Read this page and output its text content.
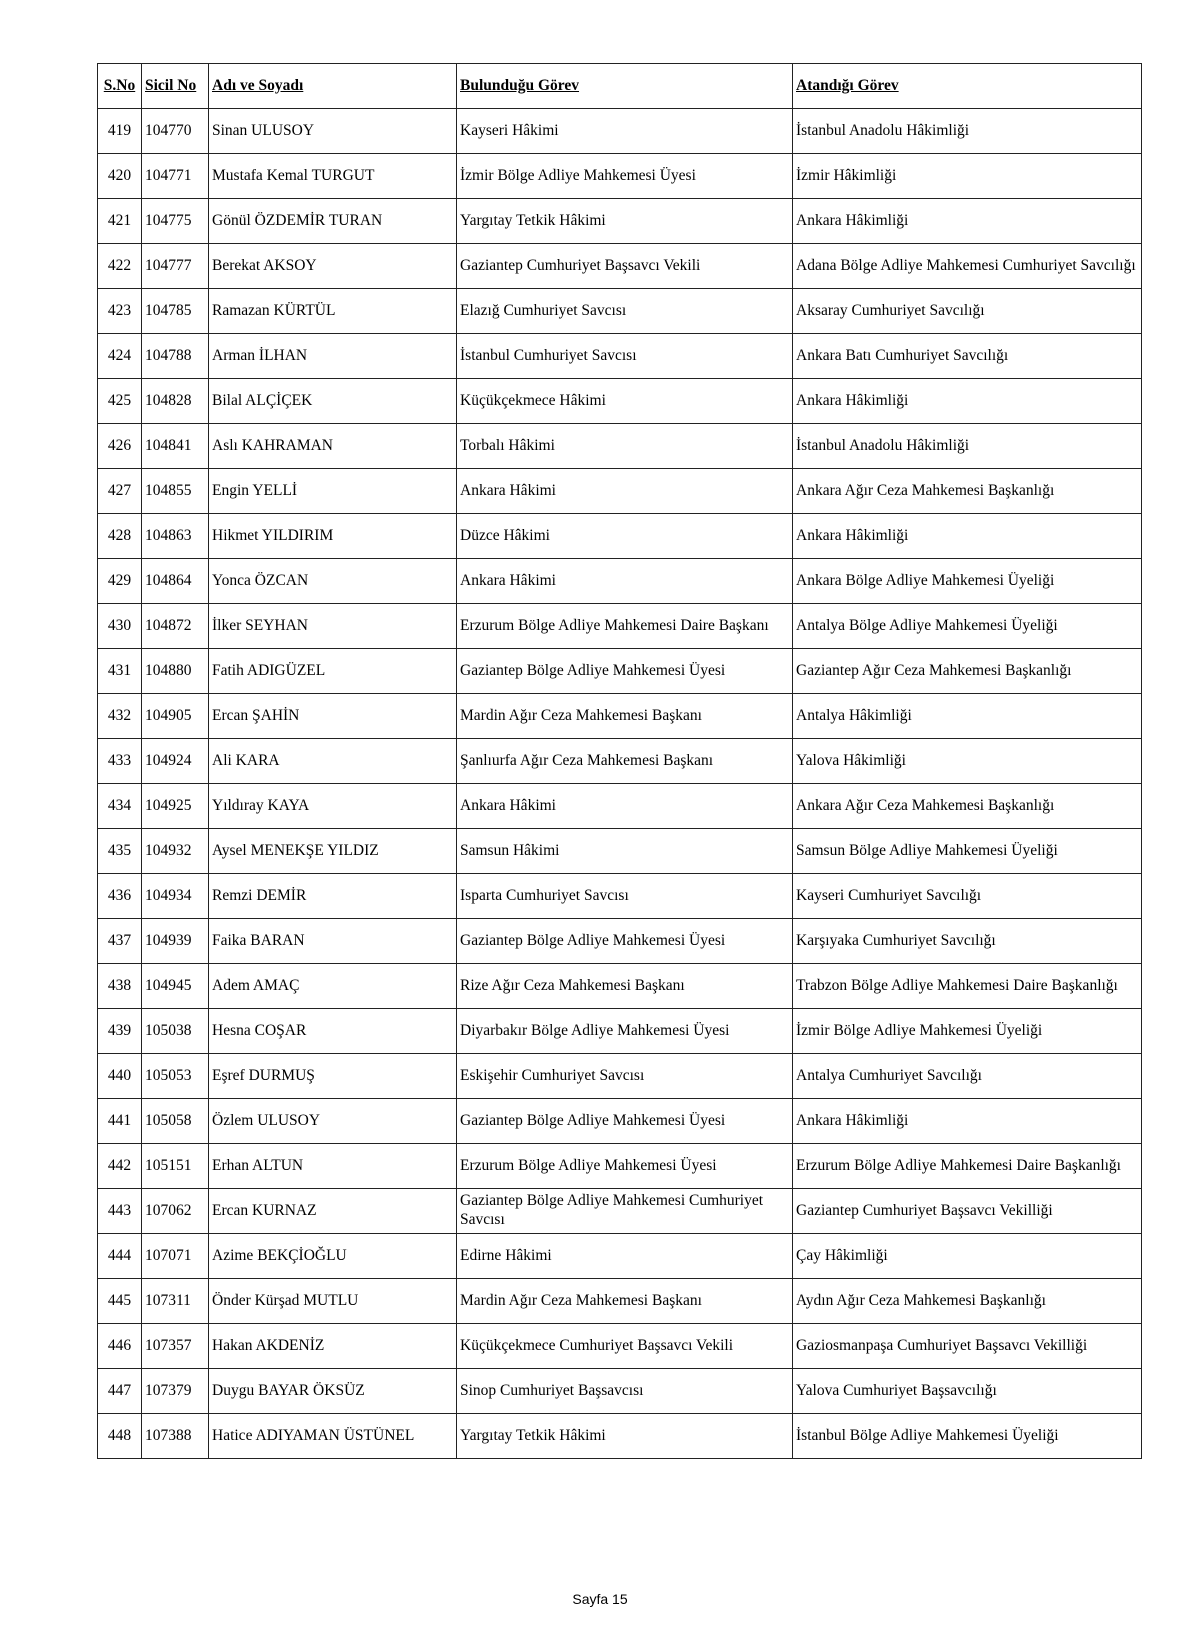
S.No	Sicil No	Adı ve Soyadı	Bulunduğu Görev	Atandığı Görev
419	104770	Sinan ULUSOY	Kayseri Hâkimi	İstanbul Anadolu Hâkimliği
420	104771	Mustafa Kemal TURGUT	İzmir Bölge Adliye Mahkemesi Üyesi	İzmir Hâkimliği
421	104775	Gönül ÖZDEMİR TURAN	Yargıtay Tetkik Hâkimi	Ankara Hâkimliği
422	104777	Berekat AKSOY	Gaziantep Cumhuriyet Başsavcı Vekili	Adana Bölge Adliye Mahkemesi Cumhuriyet Savcılığı
423	104785	Ramazan KÜRTÜL	Elazığ Cumhuriyet Savcısı	Aksaray Cumhuriyet Savcılığı
424	104788	Arman İLHAN	İstanbul Cumhuriyet Savcısı	Ankara Batı Cumhuriyet Savcılığı
425	104828	Bilal ALÇİÇEK	Küçükçekmece Hâkimi	Ankara Hâkimliği
426	104841	Aslı KAHRAMAN	Torbalı Hâkimi	İstanbul Anadolu Hâkimliği
427	104855	Engin YELLİ	Ankara Hâkimi	Ankara Ağır Ceza Mahkemesi Başkanlığı
428	104863	Hikmet YILDIRIM	Düzce Hâkimi	Ankara Hâkimliği
429	104864	Yonca ÖZCAN	Ankara Hâkimi	Ankara Bölge Adliye Mahkemesi Üyeliği
430	104872	İlker SEYHAN	Erzurum Bölge Adliye Mahkemesi Daire Başkanı	Antalya Bölge Adliye Mahkemesi Üyeliği
431	104880	Fatih ADIGÜZEL	Gaziantep Bölge Adliye Mahkemesi Üyesi	Gaziantep Ağır Ceza Mahkemesi Başkanlığı
432	104905	Ercan ŞAHİN	Mardin Ağır Ceza Mahkemesi Başkanı	Antalya Hâkimliği
433	104924	Ali KARA	Şanlıurfa Ağır Ceza Mahkemesi Başkanı	Yalova Hâkimliği
434	104925	Yıldıray KAYA	Ankara Hâkimi	Ankara Ağır Ceza Mahkemesi Başkanlığı
435	104932	Aysel MENEKŞE YILDIZ	Samsun Hâkimi	Samsun Bölge Adliye Mahkemesi Üyeliği
436	104934	Remzi DEMİR	Isparta Cumhuriyet Savcısı	Kayseri Cumhuriyet Savcılığı
437	104939	Faika BARAN	Gaziantep Bölge Adliye Mahkemesi Üyesi	Karşıyaka Cumhuriyet Savcılığı
438	104945	Adem AMAÇ	Rize Ağır Ceza Mahkemesi Başkanı	Trabzon Bölge Adliye Mahkemesi Daire Başkanlığı
439	105038	Hesna COŞAR	Diyarbakır Bölge Adliye Mahkemesi Üyesi	İzmir Bölge Adliye Mahkemesi Üyeliği
440	105053	Eşref DURMUŞ	Eskişehir Cumhuriyet Savcısı	Antalya Cumhuriyet Savcılığı
441	105058	Özlem ULUSOY	Gaziantep Bölge Adliye Mahkemesi Üyesi	Ankara Hâkimliği
442	105151	Erhan ALTUN	Erzurum Bölge Adliye Mahkemesi Üyesi	Erzurum Bölge Adliye Mahkemesi Daire Başkanlığı
443	107062	Ercan KURNAZ	Gaziantep Bölge Adliye Mahkemesi Cumhuriyet Savcısı	Gaziantep Cumhuriyet Başsavcı Vekilliği
444	107071	Azime BEKÇİOĞLU	Edirne Hâkimi	Çay Hâkimliği
445	107311	Önder Kürşad MUTLU	Mardin Ağır Ceza Mahkemesi Başkanı	Aydın Ağır Ceza Mahkemesi Başkanlığı
446	107357	Hakan AKDENİZ	Küçükçekmece Cumhuriyet Başsavcı Vekili	Gaziosmanpaşa Cumhuriyet Başsavcı Vekilliği
447	107379	Duygu BAYAR ÖKSÜZ	Sinop Cumhuriyet Başsavcısı	Yalova Cumhuriyet Başsavcılığı
448	107388	Hatice ADIYAMAN ÜSTÜNEL	Yargıtay Tetkik Hâkimi	İstanbul Bölge Adliye Mahkemesi Üyeliği
Sayfa 15
